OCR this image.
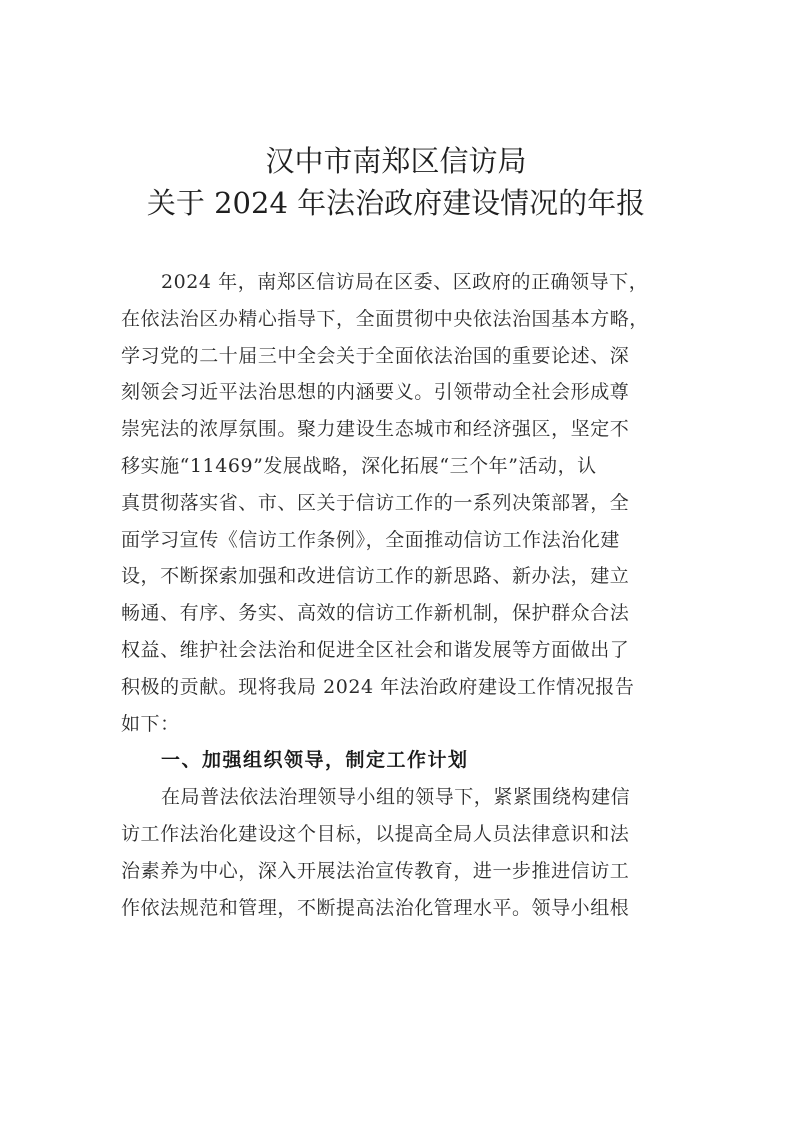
汉中市南郑区信访局
关于 2024 年法治政府建设情况的年报
2024 年，南郑区信访局在区委、区政府的正确领导下，
在依法治区办精心指导下，全面贯彻中央依法治国基本方略，
学习党的二十届三中全会关于全面依法治国的重要论述、深
刻领会习近平法治思想的内涵要义。引领带动全社会形成尊
崇宪法的浓厚氛围。聚力建设生态城市和经济强区，坚定不
移实施“11469”发展战略，深化拓展“三个年”活动，认
真贯彻落实省、市、区关于信访工作的一系列决策部署，全
面学习宣传《信访工作条例》，全面推动信访工作法治化建
设，不断探索加强和改进信访工作的新思路、新办法，建立
畅通、有序、务实、高效的信访工作新机制，保护群众合法
权益、维护社会法治和促进全区社会和谐发展等方面做出了
积极的贡献。现将我局 2024 年法治政府建设工作情况报告
如下：
一、加强组织领导，制定工作计划
在局普法依法治理领导小组的领导下，紧紧围绕构建信
访工作法治化建设这个目标，以提高全局人员法律意识和法
治素养为中心，深入开展法治宣传教育，进一步推进信访工
作依法规范和管理，不断提高法治化管理水平。领导小组根
